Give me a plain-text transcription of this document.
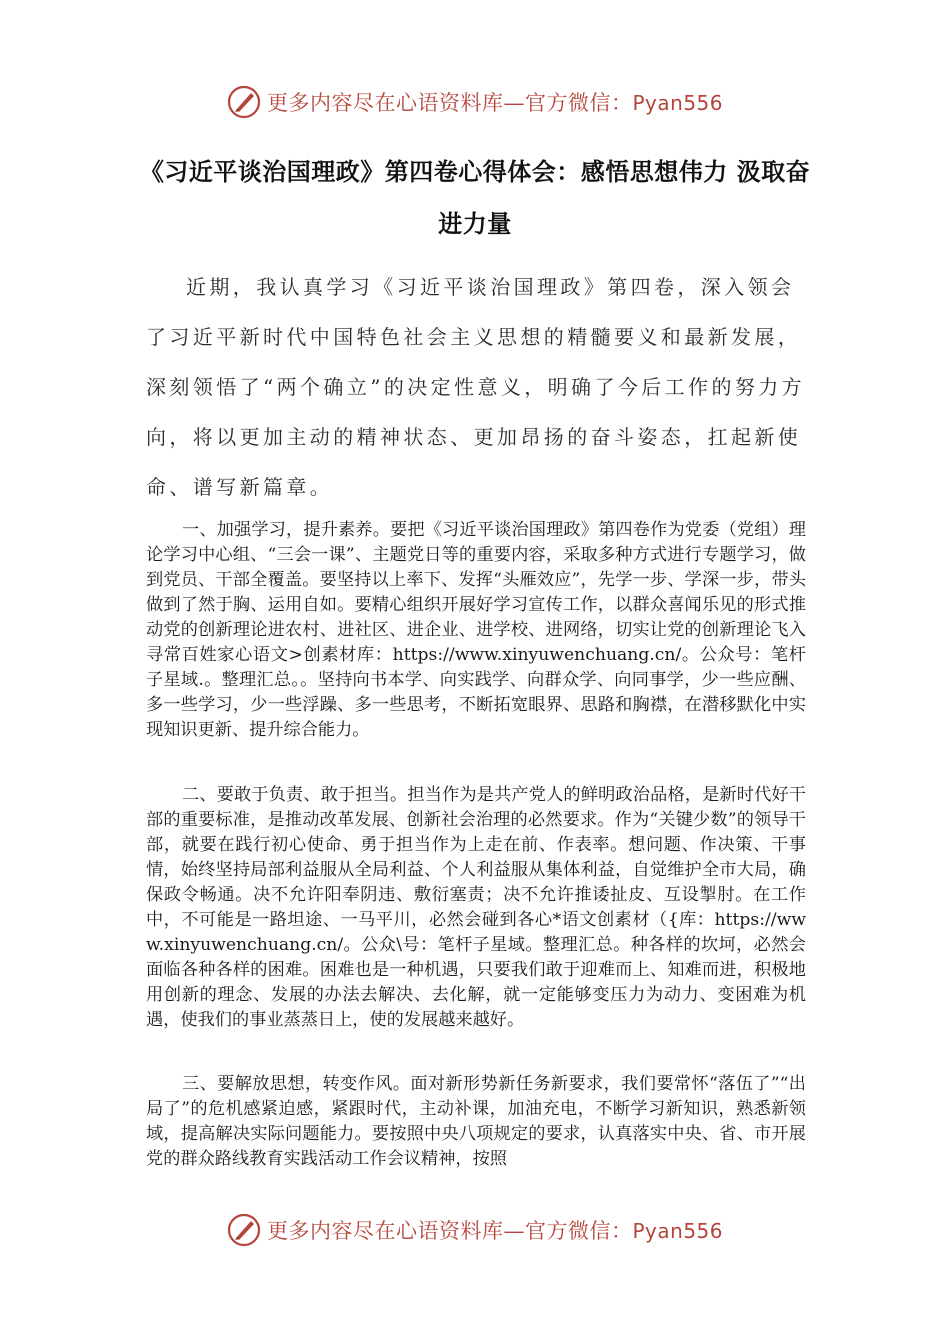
更多内容尽在心语资料库—官方微信：Pyan556
《习近平谈治国理政》第四卷心得体会：感悟思想伟力 汲取奋进力量

近期，我认真学习《习近平谈治国理政》第四卷，深入领会了习近平新时代中国特色社会主义思想的精髓要义和最新发展，深刻领悟了“两个确立”的决定性意义，明确了今后工作的努力方向，将以更加主动的精神状态、更加昂扬的奋斗姿态，扛起新使命、谱写新篇章。

一、加强学习，提升素养。要把《习近平谈治国理政》第四卷作为党委（党组）理论学习中心组、“三会一课”、主题党日等的重要内容，采取多种方式进行专题学习，做到党员、干部全覆盖。要坚持以上率下、发挥“头雁效应”，先学一步、学深一步，带头做到了然于胸、运用自如。要精心组织开展好学习宣传工作，以群众喜闻乐见的形式推动党的创新理论进农村、进社区、进企业、进学校、进网络，切实让党的创新理论飞入寻常百姓家心语文>创素材库：https://www.xinyuwenchuang.cn/。公众号：笔杆子星域.。整理汇总。。坚持向书本学、向实践学、向群众学、向同事学，少一些应酬、多一些学习，少一些浮躁、多一些思考，不断拓宽眼界、思路和胸襟，在潜移默化中实现知识更新、提升综合能力。

二、要敢于负责、敢于担当。担当作为是共产党人的鲜明政治品格，是新时代好干部的重要标准，是推动改革发展、创新社会治理的必然要求。作为“关键少数”的领导干部，就要在践行初心使命、勇于担当作为上走在前、作表率。想问题、作决策、干事情，始终坚持局部利益服从全局利益、个人利益服从集体利益，自觉维护全市大局，确保政令畅通。决不允许阳奉阴违、敷衍塞责；决不允许推诿扯皮、互设掣肘。在工作中，不可能是一路坦途、一马平川，必然会碰到各心*语文创素材（{库：https://www.xinyuwenchuang.cn/。公众\号：笔杆子星域。整理汇总。种各样的坎坷，必然会面临各种各样的困难。困难也是一种机遇，只要我们敢于迎难而上、知难而进，积极地用创新的理念、发展的办法去解决、去化解，就一定能够变压力为动力、变困难为机遇，使我们的事业蒸蒸日上，使的发展越来越好。

三、要解放思想，转变作风。面对新形势新任务新要求，我们要常怀“落伍了”“出局了”的危机感紧迫感，紧跟时代，主动补课，加油充电，不断学习新知识，熟悉新领域，提高解决实际问题能力。要按照中央八项规定的要求，认真落实中央、省、市开展党的群众路线教育实践活动工作会议精神，按照

更多内容尽在心语资料库—官方微信：Pyan556
